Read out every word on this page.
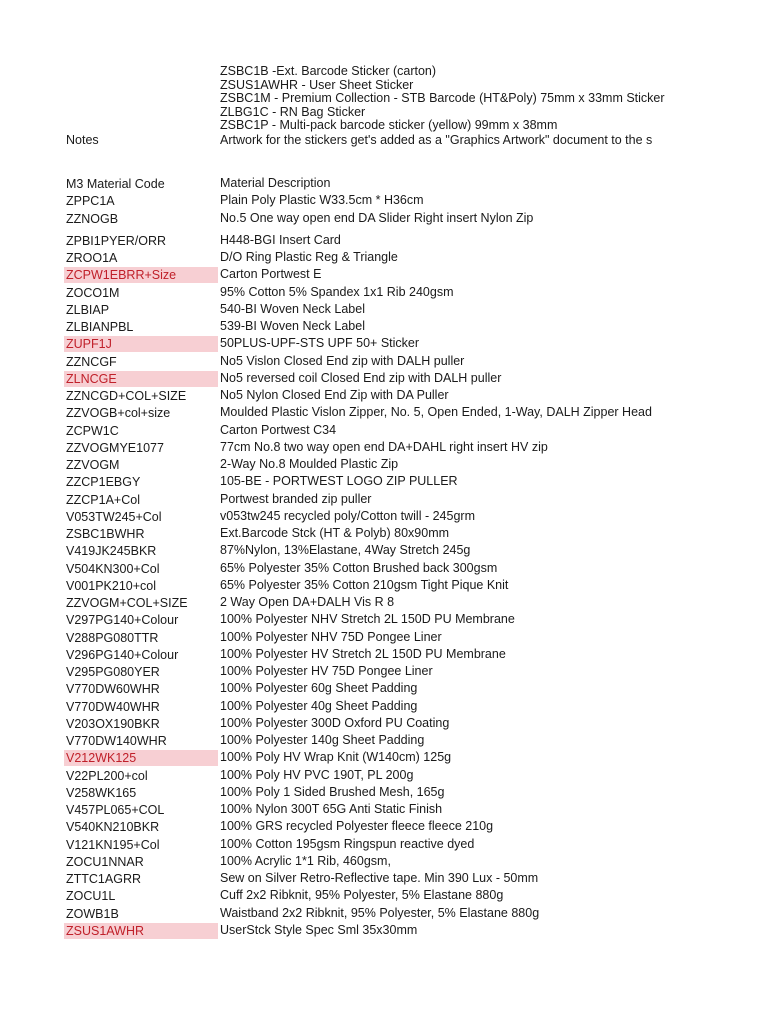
ZSBC1B -Ext. Barcode Sticker (carton)
ZSUS1AWHR - User Sheet Sticker
ZSBC1M - Premium Collection - STB Barcode (HT&Poly) 75mm x 33mm Sticker
ZLBG1C - RN Bag Sticker
ZSBC1P - Multi-pack barcode sticker (yellow) 99mm x 38mm
Notes	Artwork for the stickers get's added as a "Graphics Artwork" document to the s
M3 Material Code	Material Description
ZPPC1A	Plain Poly Plastic W33.5cm * H36cm
ZZNOGB	No.5 One way open end DA Slider Right insert Nylon Zip
ZPBI1PYER/ORR	H448-BGI Insert Card
ZROO1A	D/O Ring Plastic Reg & Triangle
ZCPW1EBRR+Size	Carton Portwest E
ZOCO1M	95% Cotton 5% Spandex 1x1 Rib 240gsm
ZLBIAP	540-BI Woven Neck Label
ZLBIANPBL	539-BI Woven Neck Label
ZUPF1J	50PLUS-UPF-STS UPF 50+ Sticker
ZZNCGF	No5 Vislon Closed End zip with DALH puller
ZLNCGE	No5 reversed coil Closed End zip with DALH puller
ZZNCGD+COL+SIZE	No5 Nylon Closed End Zip with DA Puller
ZZVOGB+col+size	Moulded Plastic Vislon Zipper, No. 5, Open Ended, 1-Way, DALH Zipper Head
ZCPW1C	Carton Portwest C34
ZZVOGMYE1077	77cm No.8 two way open end DA+DAHL right insert HV zip
ZZVOGM	2-Way No.8 Moulded Plastic Zip
ZZCP1EBGY	105-BE - PORTWEST LOGO ZIP PULLER
ZZCP1A+Col	Portwest branded zip puller
V053TW245+Col	v053tw245 recycled poly/Cotton twill - 245grm
ZSBC1BWHR	Ext.Barcode Stck (HT & Polyb) 80x90mm
V419JK245BKR	87%Nylon, 13%Elastane, 4Way Stretch 245g
V504KN300+Col	65% Polyester 35% Cotton Brushed back 300gsm
V001PK210+col	65% Polyester 35% Cotton 210gsm Tight Pique Knit
ZZVOGM+COL+SIZE	2 Way Open DA+DALH Vis R 8
V297PG140+Colour	100% Polyester NHV Stretch 2L 150D PU Membrane
V288PG080TTR	100% Polyester NHV 75D Pongee Liner
V296PG140+Colour	100% Polyester HV Stretch 2L 150D PU Membrane
V295PG080YER	100% Polyester HV 75D Pongee Liner
V770DW60WHR	100% Polyester 60g Sheet Padding
V770DW40WHR	100% Polyester 40g Sheet Padding
V203OX190BKR	100% Polyester 300D Oxford PU Coating
V770DW140WHR	100% Polyester 140g Sheet Padding
V212WK125	100% Poly HV Wrap Knit (W140cm) 125g
V22PL200+col	100% Poly HV PVC 190T, PL 200g
V258WK165	100% Poly 1 Sided Brushed Mesh, 165g
V457PL065+COL	100% Nylon 300T 65G Anti Static Finish
V540KN210BKR	100% GRS recycled Polyester fleece fleece 210g
V121KN195+Col	100% Cotton 195gsm Ringspun reactive dyed
ZOCU1NNAR	100% Acrylic 1*1 Rib, 460gsm,
ZTTC1AGRR	Sew on Silver Retro-Reflective tape. Min 390 Lux - 50mm
ZOCU1L	Cuff 2x2 Ribknit, 95% Polyester, 5% Elastane 880g
ZOWB1B	Waistband 2x2 Ribknit, 95% Polyester, 5% Elastane 880g
ZSUS1AWHR	UserStck Style Spec Sml 35x30mm
